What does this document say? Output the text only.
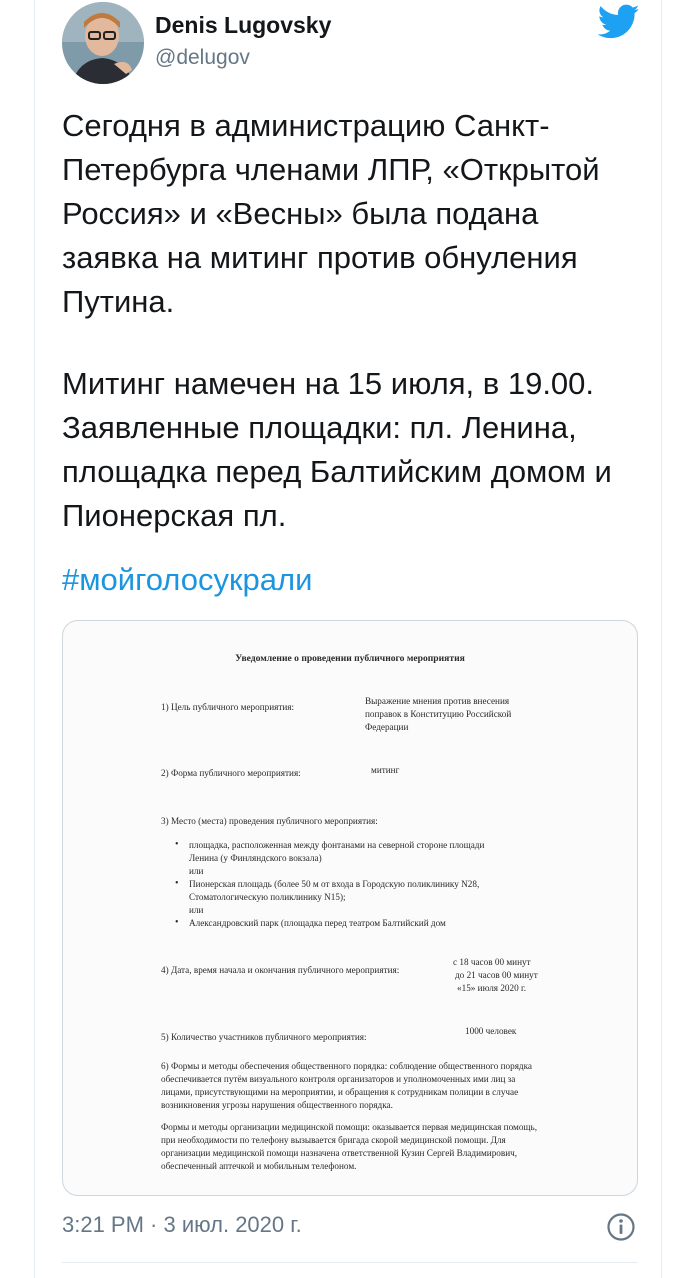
Denis Lugovsky
@delugov

Сегодня в администрацию Санкт-Петербурга членами ЛПР, «Открытой Россия» и «Весны» была подана заявка на митинг против обнуления Путина.

Митинг намечен на 15 июля, в 19.00. Заявленные площадки: пл. Ленина, площадка перед Балтийским домом и Пионерская пл.

#мойголосукрали
Уведомление о проведении публичного мероприятия
1) Цель публичного мероприятия:
Выражение мнения против внесения
поправок в Конституцию Российской
Федерации
2) Форма публичного мероприятия:	митинг
3) Место (места) проведения публичного мероприятия:
•	площадка, расположенная между фонтанами на северной стороне площади
Ленина (у Финляндского вокзала)
или
•	Пионерская площадь (более 50 м от входа в Городскую поликлинику N28,
Стоматологическую поликлинику N15);
или
•	Александровский парк (площадка перед театром Балтийский дом
4) Дата, время начала и окончания публичного мероприятия:
с 18 часов 00 минут
до 21 часов 00 минут
«15» июля 2020 г.
5) Количество участников публичного мероприятия:
1000 человек
6) Формы и методы обеспечения общественного порядка: соблюдение общественного порядка
обеспечивается путём визуального контроля организаторов и уполномоченных ими лиц за
лицами, присутствующими на мероприятии, и обращения к сотрудникам полиции в случае
возникновения угрозы нарушения общественного порядка.
Формы и методы организации медицинской помощи: оказывается первая медицинская помощь,
при необходимости по телефону вызывается бригада скорой медицинской помощи. Для
организации медицинской помощи назначена ответственной Кузин Сергей Владимирович,
обеспеченный аптечкой и мобильным телефоном.
3:21 PM · 3 июл. 2020 г.
